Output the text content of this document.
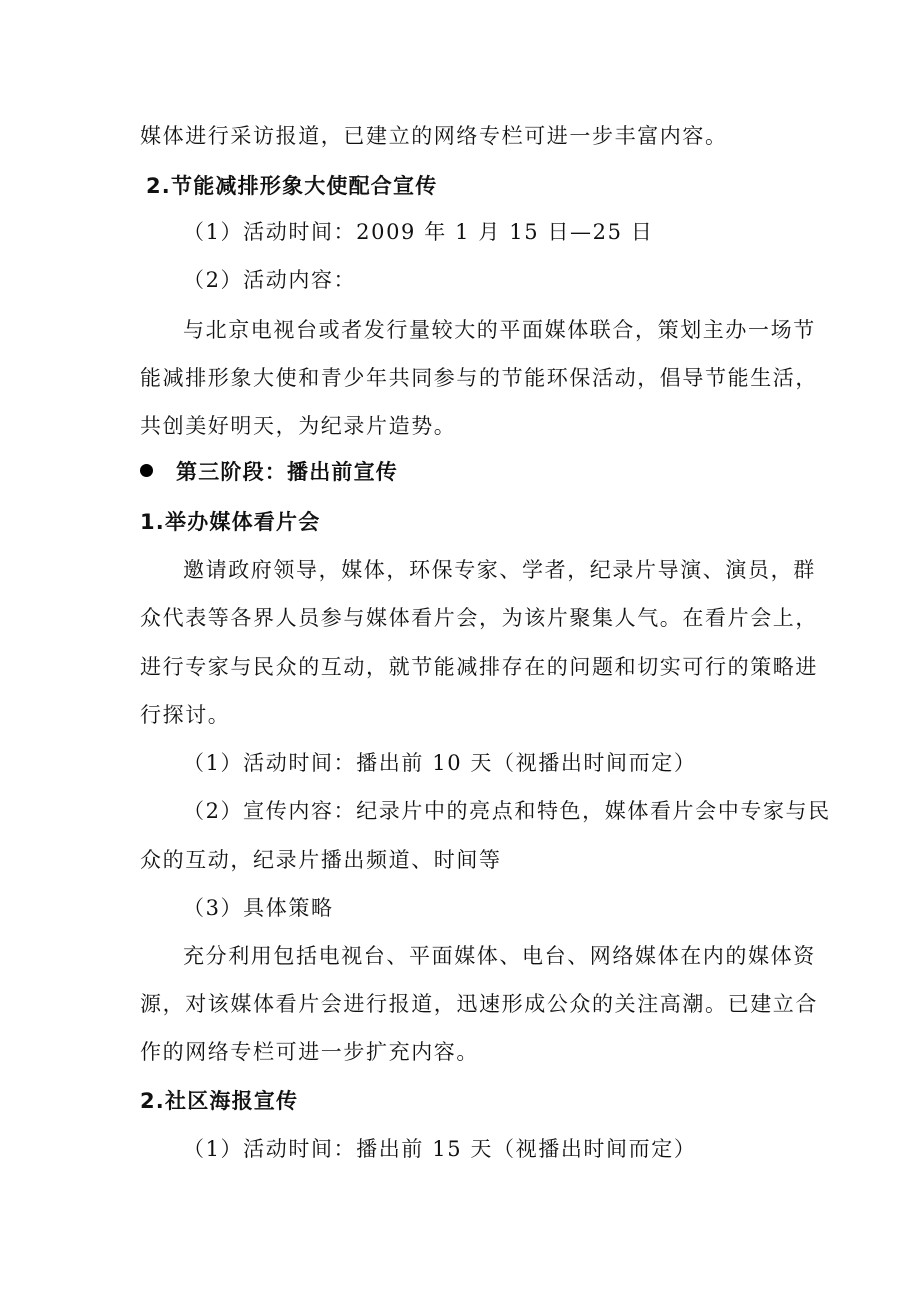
媒体进行采访报道，已建立的网络专栏可进一步丰富内容。
2.节能减排形象大使配合宣传
（1）活动时间：2009 年 1 月 15 日—25 日
（2）活动内容：
与北京电视台或者发行量较大的平面媒体联合，策划主办一场节
能减排形象大使和青少年共同参与的节能环保活动，倡导节能生活，
共创美好明天，为纪录片造势。
第三阶段：播出前宣传
1.举办媒体看片会
邀请政府领导，媒体，环保专家、学者，纪录片导演、演员，群
众代表等各界人员参与媒体看片会，为该片聚集人气。在看片会上，
进行专家与民众的互动，就节能减排存在的问题和切实可行的策略进
行探讨。
（1）活动时间：播出前 10 天（视播出时间而定）
（2）宣传内容：纪录片中的亮点和特色，媒体看片会中专家与民
众的互动，纪录片播出频道、时间等
（3）具体策略
充分利用包括电视台、平面媒体、电台、网络媒体在内的媒体资
源，对该媒体看片会进行报道，迅速形成公众的关注高潮。已建立合
作的网络专栏可进一步扩充内容。
2.社区海报宣传
（1）活动时间：播出前 15 天（视播出时间而定）
